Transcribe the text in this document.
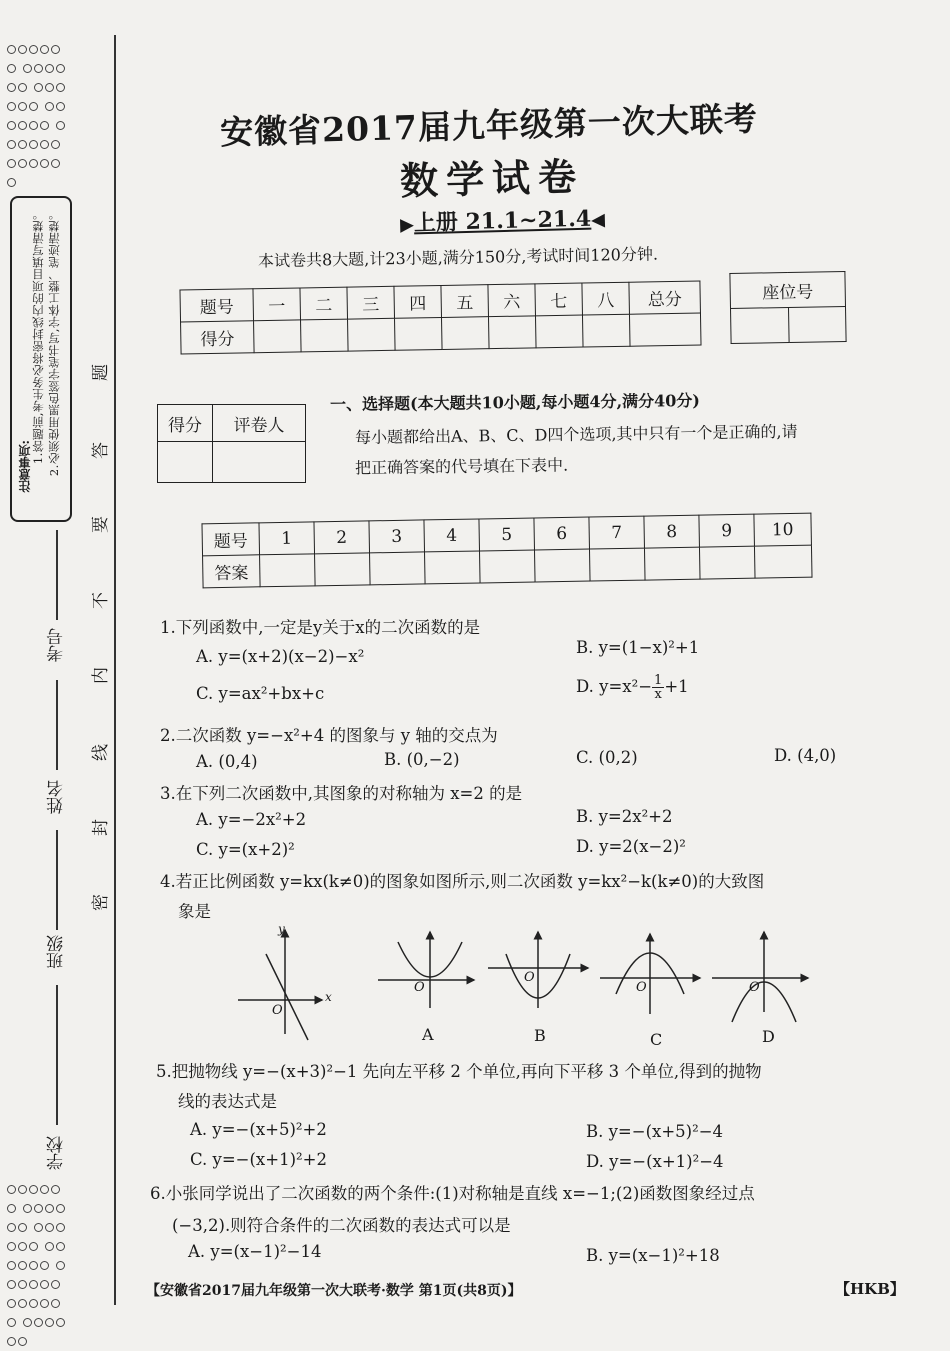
注意事项:
1.答题前,考生务必将密封线内的项目填写清楚。 2.必须使用黑色签字笔书写,字体工整、笔迹清楚。
考号
姓名
班级
学校
题
答
要
不
内
线
封
密

安徽省2017届九年级第一次大联考
数学试卷
▶上册 21.1~21.4◀
本试卷共8大题,计23小题,满分150分,考试时间120分钟.
题号	一	二	三	四	五	六	七	八	总分
得分									
座位号

得分	评卷人

一、选择题(本大题共10小题,每小题4分,满分40分)
每小题都给出A、B、C、D四个选项,其中只有一个是正确的,请
把正确答案的代号填在下表中.
题号	1	2	3	4	5	6	7	8	9	10
答案										
1.下列函数中,一定是y关于x的二次函数的是
A. y=(x+2)(x−2)−x²	B. y=(1−x)²+1
C. y=ax²+bx+c	D. $y=x^2- \frac{1}{x} +1$
2.二次函数 y=−x²+4 的图象与 y 轴的交点为
A. (0,4)	B. (0,−2)	C. (0,2)	D. (4,0)
3.在下列二次函数中,其图象的对称轴为 x=2 的是
A. y=−2x²+2	B. y=2x²+2
C. y=(x+2)²	D. y=2(x−2)²
4.若正比例函数 y=kx(k≠0)的图象如图所示,则二次函数 y=kx²−k(k≠0)的大致图
象是
O
x
y
O
O
O	O
A	B	C	D
5.把抛物线 y=−(x+3)²−1 先向左平移 2 个单位,再向下平移 3 个单位,得到的抛物
线的表达式是
A. y=−(x+5)²+2	B. y=−(x+5)²−4
C. y=−(x+1)²+2	D. y=−(x+1)²−4
6.小张同学说出了二次函数的两个条件:(1)对称轴是直线 x=−1;(2)函数图象经过点
(−3,2).则符合条件的二次函数的表达式可以是
A. y=(x−1)²−14	B. y=(x−1)²+18
【安徽省2017届九年级第一次大联考·数学 第1页(共8页)】	【HKB】
